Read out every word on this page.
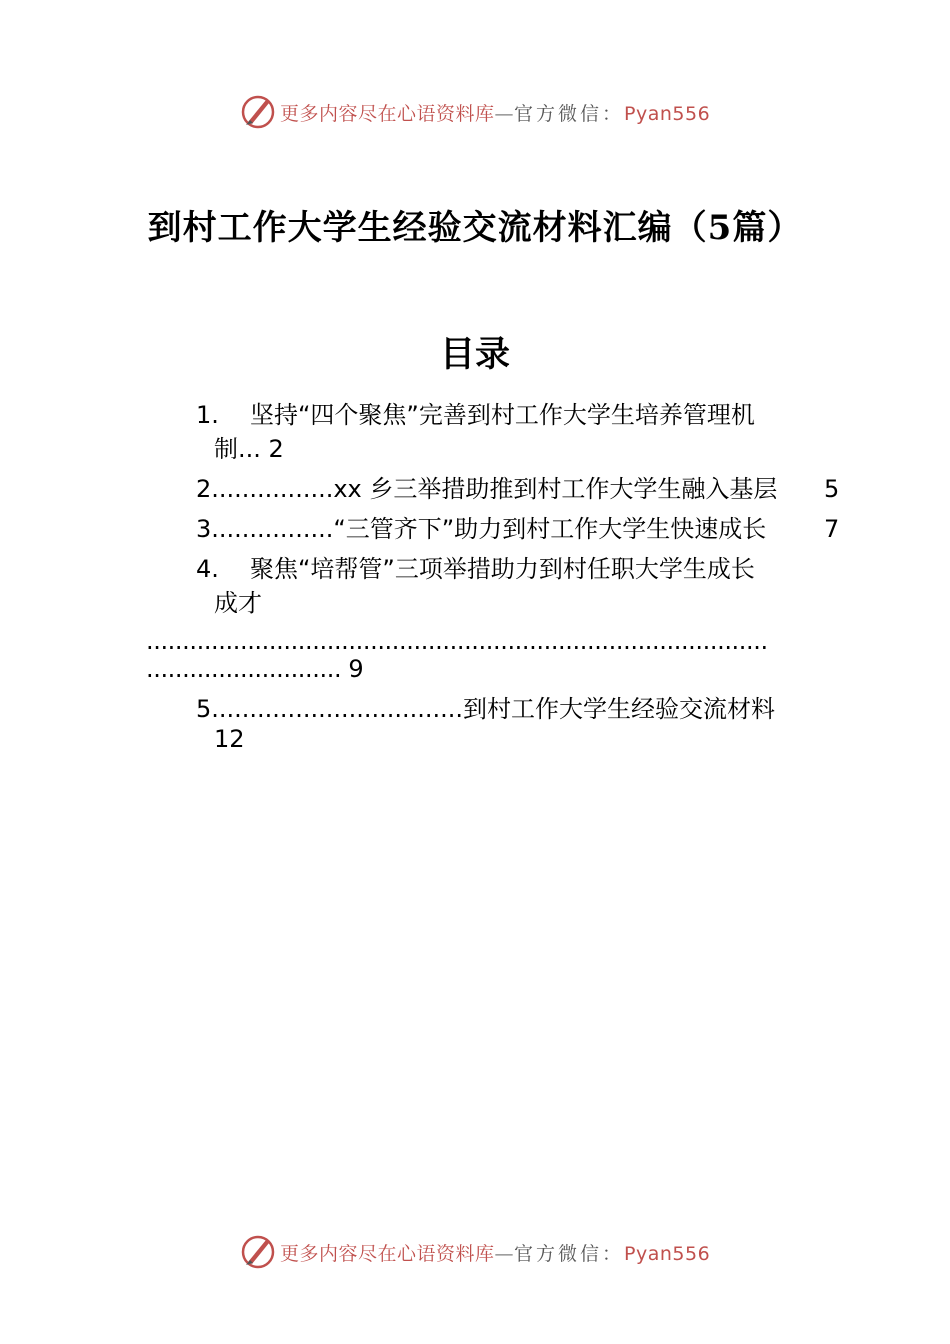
更多内容尽在心语资料库—官方微信：Pyan556
到村工作大学生经验交流材料汇编（5篇）
目录
1. 坚持“四个聚焦”完善到村工作大学生培养管理机
制... 2
2................xx 乡三举措助推到村工作大学生融入基层 5
3................“三管齐下”助力到村工作大学生快速成长 7
4. 聚焦“培帮管”三项举措助力到村任职大学生成长
成才
......................................................................................
........................... 9
5.................................到村工作大学生经验交流材料
12
更多内容尽在心语资料库—官方微信：Pyan556
